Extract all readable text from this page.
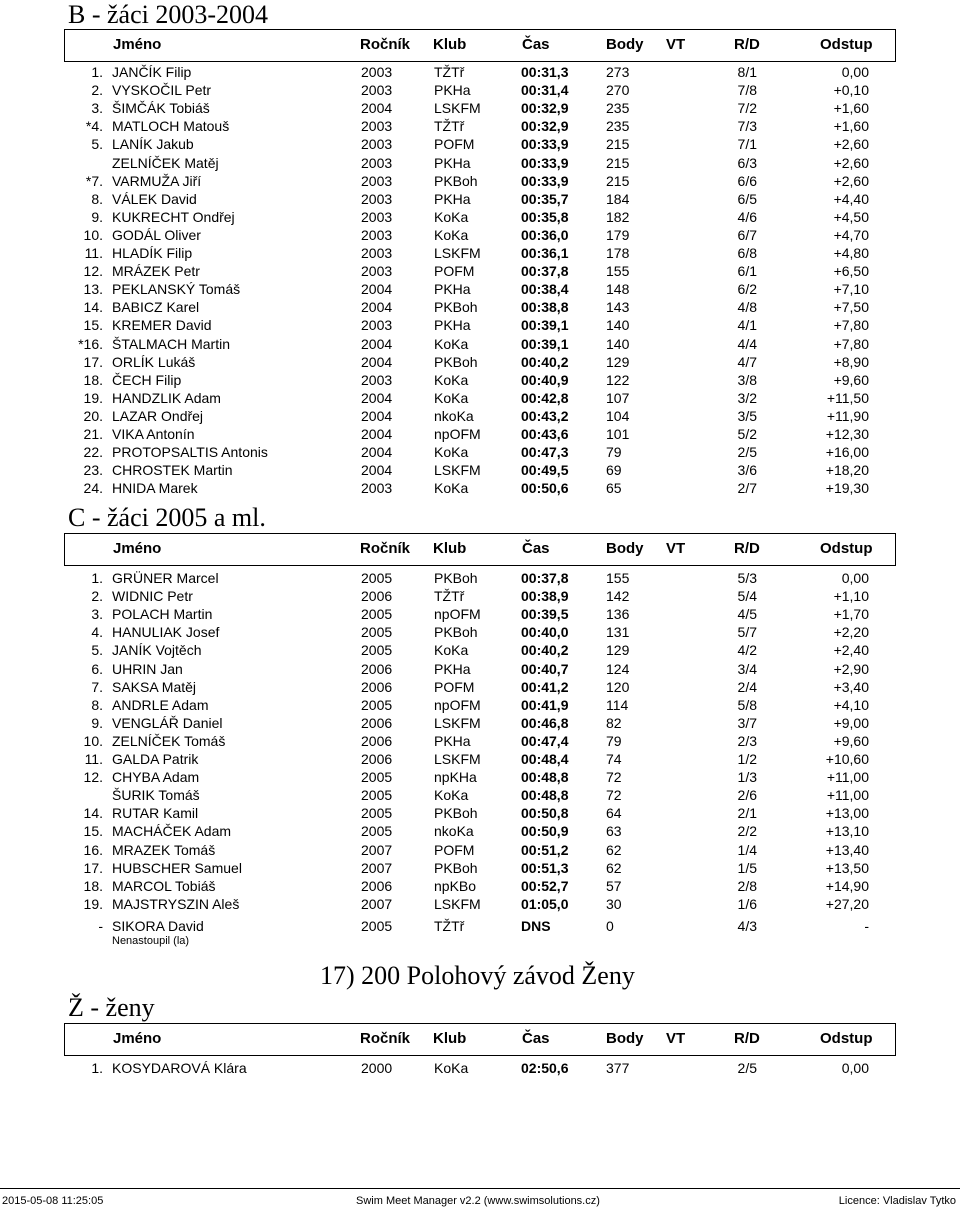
B - žáci 2003-2004
Jméno	Ročník Klub	Čas	Body VT	R/D	Odstup
1. JANČÍK Filip	2003	TŽTř	00:31,3	273	8/1	0,00
2. VYSKOČIL Petr	2003	PKHa	00:31,4	270	7/8	+0,10
3. ŠIMČÁK Tobiáš	2004	LSKFM	00:32,9	235	7/2	+1,60
*4. MATLOCH Matouš	2003	TŽTř	00:32,9	235	7/3	+1,60
5. LANÍK Jakub	2003	POFM	00:33,9	215	7/1	+2,60
ZELNÍČEK Matěj	2003	PKHa	00:33,9	215	6/3	+2,60
*7. VARMUŽA Jiří	2003	PKBoh	00:33,9	215	6/6	+2,60
8. VÁLEK David	2003	PKHa	00:35,7	184	6/5	+4,40
9. KUKRECHT Ondřej	2003	KoKa	00:35,8	182	4/6	+4,50
10. GODÁL Oliver	2003	KoKa	00:36,0	179	6/7	+4,70
11. HLADÍK Filip	2003	LSKFM	00:36,1	178	6/8	+4,80
12. MRÁZEK Petr	2003	POFM	00:37,8	155	6/1	+6,50
13. PEKLANSKÝ Tomáš	2004	PKHa	00:38,4	148	6/2	+7,10
14. BABICZ Karel	2004	PKBoh	00:38,8	143	4/8	+7,50
15. KREMER David	2003	PKHa	00:39,1	140	4/1	+7,80
*16. ŠTALMACH Martin	2004	KoKa	00:39,1	140	4/4	+7,80
17. ORLÍK Lukáš	2004	PKBoh	00:40,2	129	4/7	+8,90
18. ČECH Filip	2003	KoKa	00:40,9	122	3/8	+9,60
19. HANDZLIK Adam	2004	KoKa	00:42,8	107	3/2	+11,50
20. LAZAR Ondřej	2004	nkoKa	00:43,2	104	3/5	+11,90
21. VIKA Antonín	2004	npOFM	00:43,6	101	5/2	+12,30
22. PROTOPSALTIS Antonis	2004	KoKa	00:47,3	79	2/5	+16,00
23. CHROSTEK Martin	2004	LSKFM	00:49,5	69	3/6	+18,20
24. HNIDA Marek	2003	KoKa	00:50,6	65	2/7	+19,30
C - žáci 2005 a ml.
Jméno	Ročník Klub	Čas	Body VT	R/D	Odstup
1. GRÜNER Marcel	2005	PKBoh	00:37,8	155	5/3	0,00
2. WIDNIC Petr	2006	TŽTř	00:38,9	142	5/4	+1,10
3. POLACH Martin	2005	npOFM	00:39,5	136	4/5	+1,70
4. HANULIAK Josef	2005	PKBoh	00:40,0	131	5/7	+2,20
5. JANÍK Vojtěch	2005	KoKa	00:40,2	129	4/2	+2,40
6. UHRIN Jan	2006	PKHa	00:40,7	124	3/4	+2,90
7. SAKSA Matěj	2006	POFM	00:41,2	120	2/4	+3,40
8. ANDRLE Adam	2005	npOFM	00:41,9	114	5/8	+4,10
9. VENGLÁŘ Daniel	2006	LSKFM	00:46,8	82	3/7	+9,00
10. ZELNÍČEK Tomáš	2006	PKHa	00:47,4	79	2/3	+9,60
11. GALDA Patrik	2006	LSKFM	00:48,4	74	1/2	+10,60
12. CHYBA Adam	2005	npKHa	00:48,8	72	1/3	+11,00
ŠURIK Tomáš	2005	KoKa	00:48,8	72	2/6	+11,00
14. RUTAR Kamil	2005	PKBoh	00:50,8	64	2/1	+13,00
15. MACHÁČEK Adam	2005	nkoKa	00:50,9	63	2/2	+13,10
16. MRAZEK Tomáš	2007	POFM	00:51,2	62	1/4	+13,40
17. HUBSCHER Samuel	2007	PKBoh	00:51,3	62	1/5	+13,50
18. MARCOL Tobiáš	2006	npKBo	00:52,7	57	2/8	+14,90
19. MAJSTRYSZIN Aleš	2007	LSKFM	01:05,0	30	1/6	+27,20
- SIKORA David	2005	TŽTř	DNS	0	4/3	-
Nenastoupil (la)
17) 200 Polohový závod Ženy
Ž - ženy
Jméno	Ročník Klub	Čas	Body VT	R/D	Odstup
1. KOSYDAROVÁ Klára	2000	KoKa	02:50,6	377	2/5	0,00
2015-05-08 11:25:05	Swim Meet Manager v2.2 (www.swimsolutions.cz)	Licence: Vladislav Tytko
